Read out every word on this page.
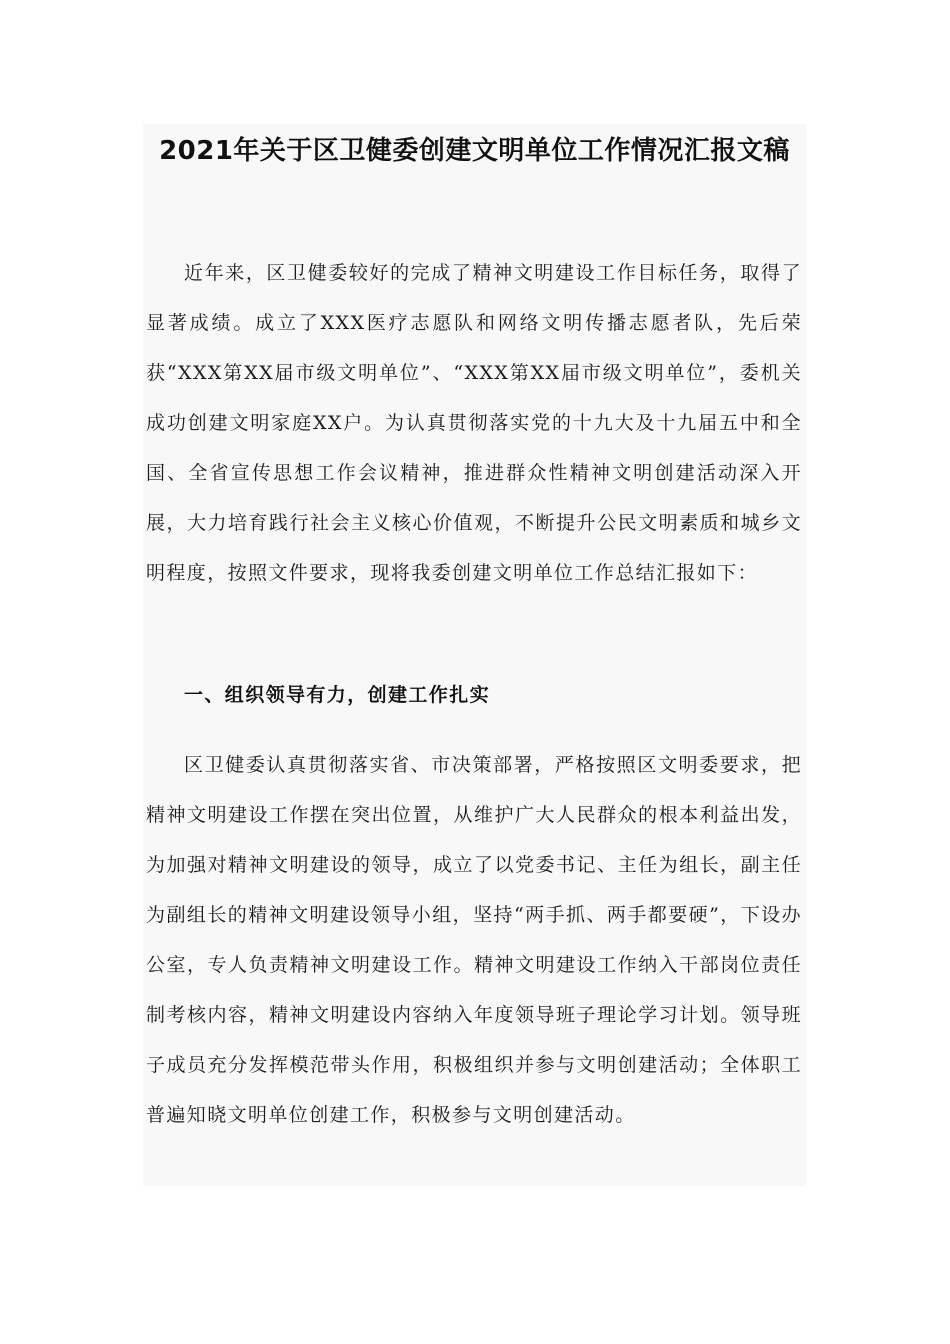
2021年关于区卫健委创建文明单位工作情况汇报文稿

近年来，区卫健委较好的完成了精神文明建设工作目标任务，取得了显著成绩。成立了XXX医疗志愿队和网络文明传播志愿者队，先后荣获“XXX第XX届市级文明单位”、“XXX第XX届市级文明单位”，委机关成功创建文明家庭XX户。为认真贯彻落实党的十九大及十九届五中和全国、全省宣传思想工作会议精神，推进群众性精神文明创建活动深入开展，大力培育践行社会主义核心价值观，不断提升公民文明素质和城乡文明程度，按照文件要求，现将我委创建文明单位工作总结汇报如下：

一、组织领导有力，创建工作扎实

区卫健委认真贯彻落实省、市决策部署，严格按照区文明委要求，把精神文明建设工作摆在突出位置，从维护广大人民群众的根本利益出发，为加强对精神文明建设的领导，成立了以党委书记、主任为组长，副主任为副组长的精神文明建设领导小组，坚持“两手抓、两手都要硬”，下设办公室，专人负责精神文明建设工作。精神文明建设工作纳入干部岗位责任制考核内容，精神文明建设内容纳入年度领导班子理论学习计划。领导班子成员充分发挥模范带头作用，积极组织并参与文明创建活动；全体职工普遍知晓文明单位创建工作，积极参与文明创建活动。
